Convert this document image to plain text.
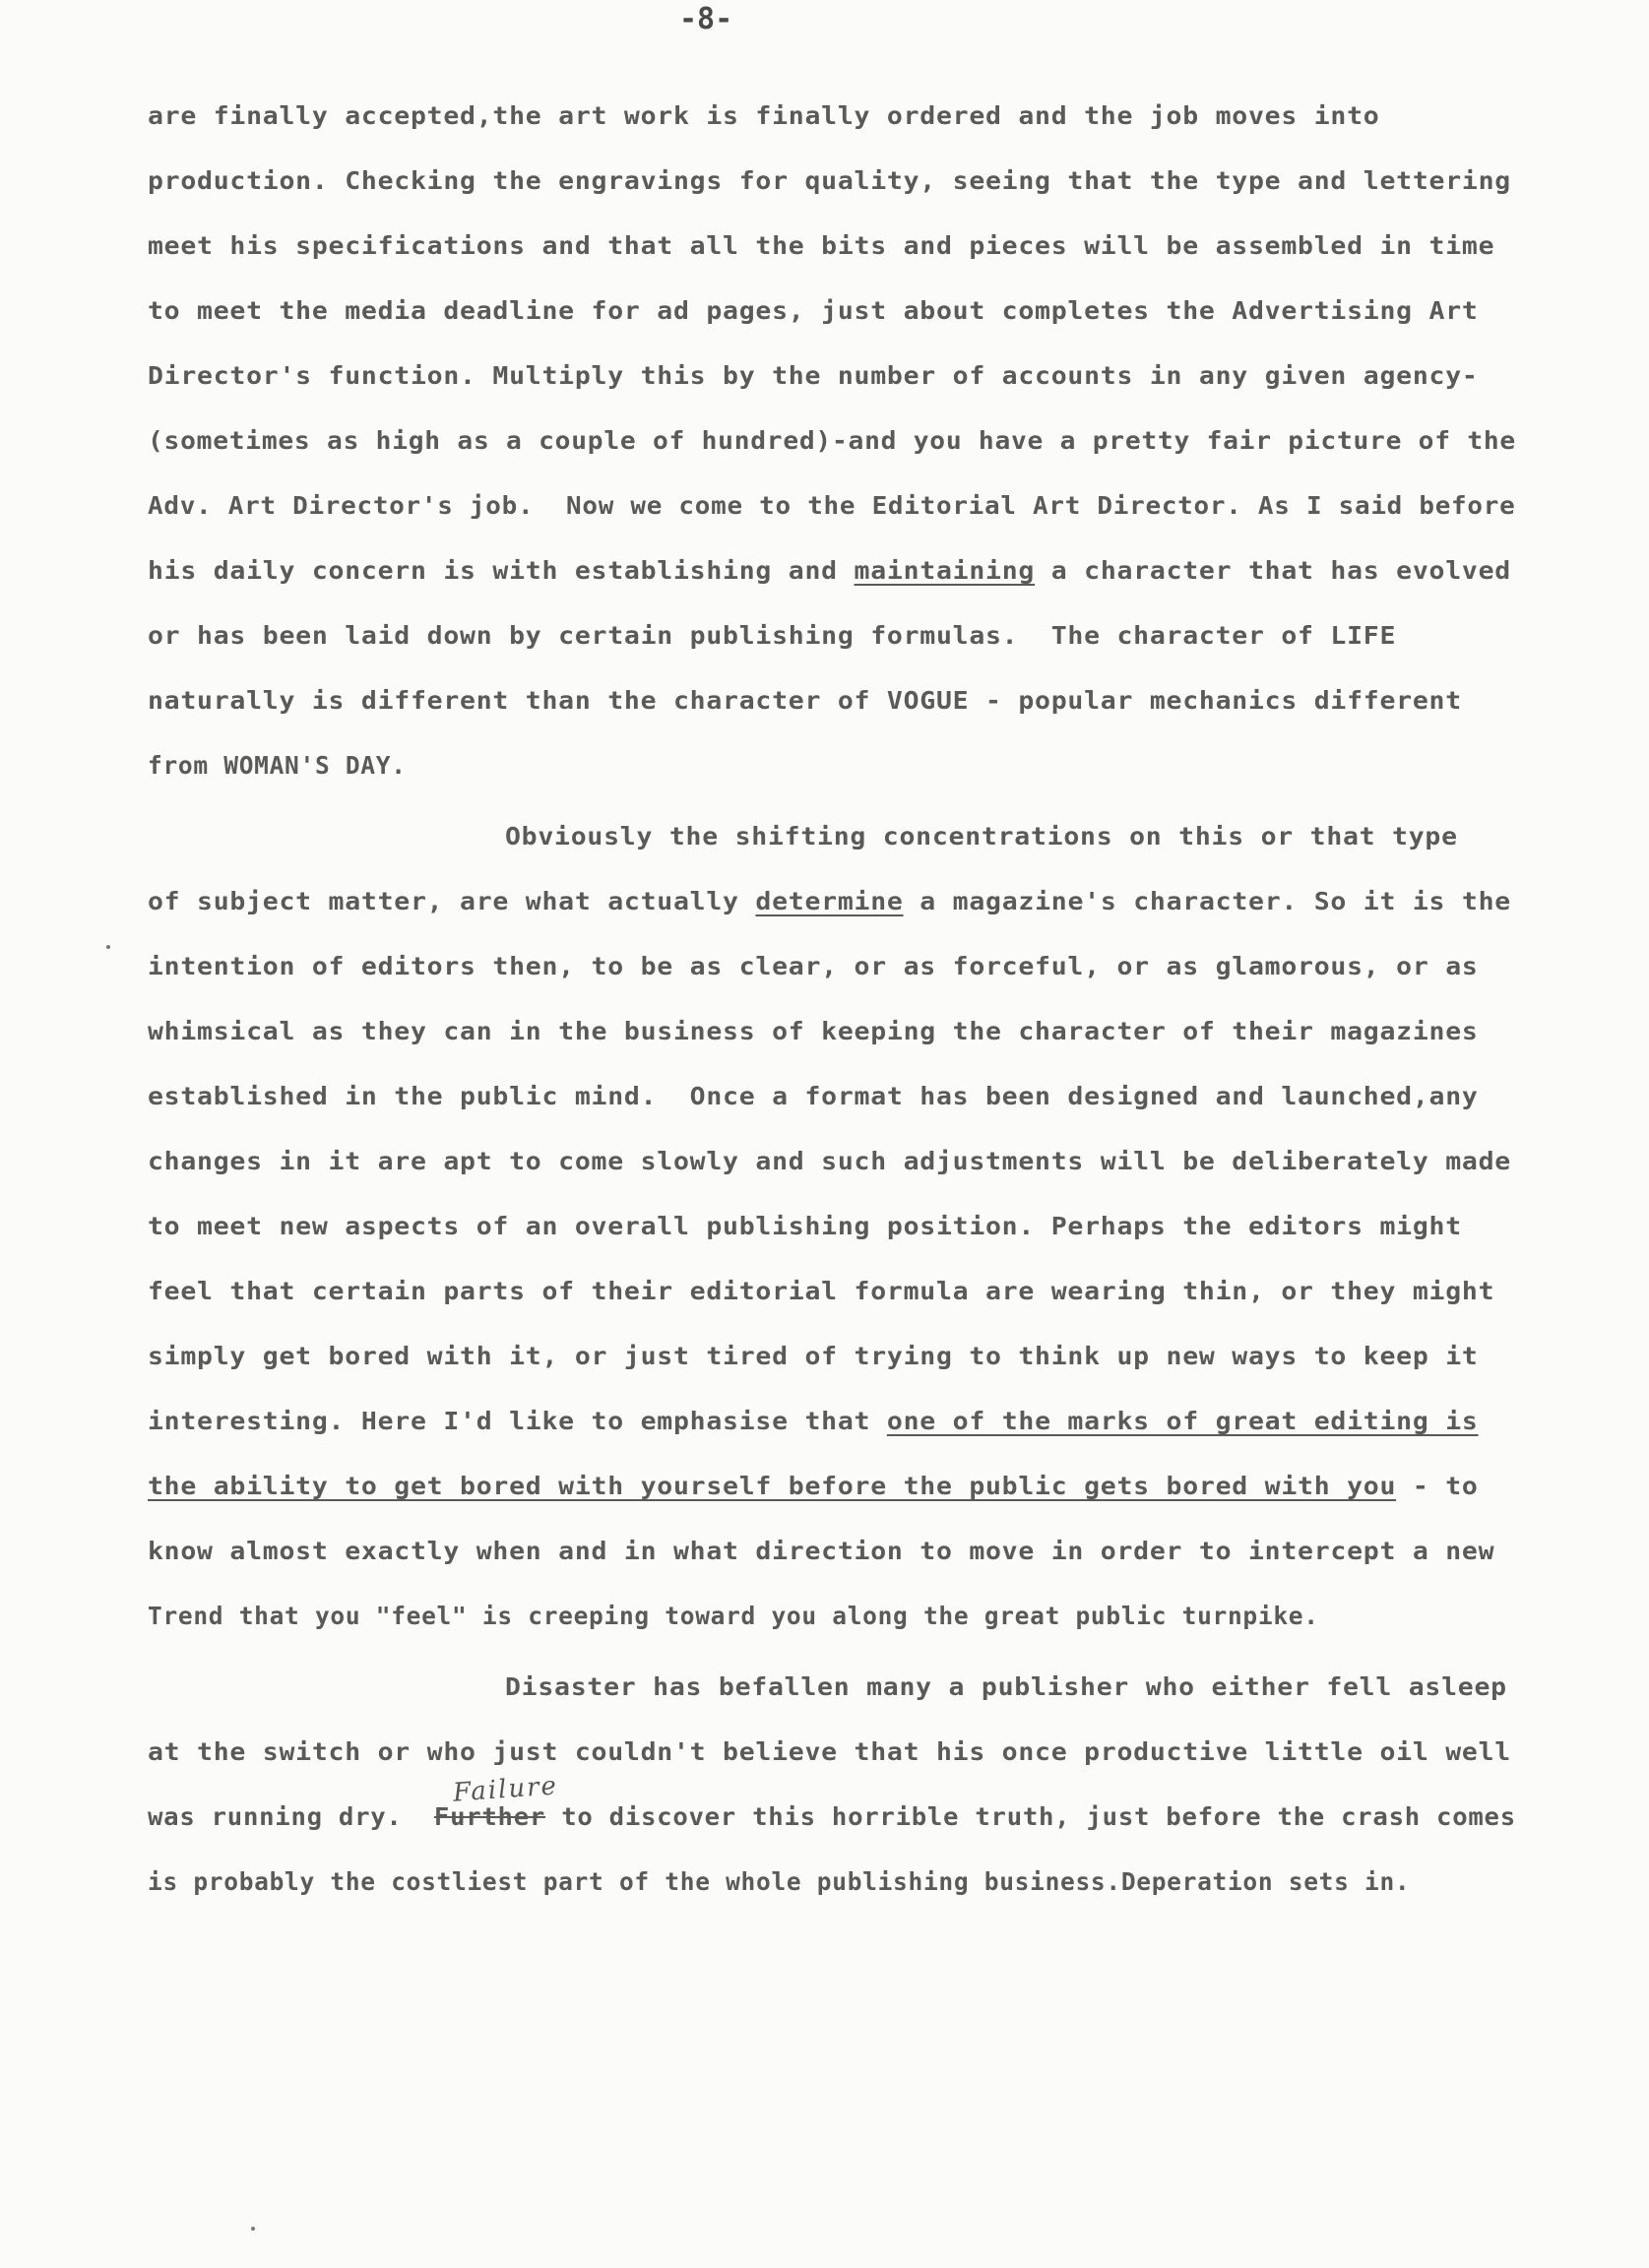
-8-
are finally accepted,the art work is finally ordered and the job moves into
production. Checking the engravings for quality, seeing that the type and lettering
meet his specifications and that all the bits and pieces will be assembled in time
to meet the media deadline for ad pages, just about completes the Advertising Art
Director's function. Multiply this by the number of accounts in any given agency-
(sometimes as high as a couple of hundred)-and you have a pretty fair picture of the
Adv. Art Director's job.  Now we come to the Editorial Art Director. As I said before
his daily concern is with establishing and maintaining a character that has evolved
or has been laid down by certain publishing formulas.  The character of LIFE
naturally is different than the character of VOGUE - popular mechanics different
from WOMAN'S DAY.
Obviously the shifting concentrations on this or that type
of subject matter, are what actually determine a magazine's character. So it is the
intention of editors then, to be as clear, or as forceful, or as glamorous, or as
whimsical as they can in the business of keeping the character of their magazines
established in the public mind.  Once a format has been designed and launched,any
changes in it are apt to come slowly and such adjustments will be deliberately made
to meet new aspects of an overall publishing position. Perhaps the editors might
feel that certain parts of their editorial formula are wearing thin, or they might
simply get bored with it, or just tired of trying to think up new ways to keep it
interesting. Here I'd like to emphasise that one of the marks of great editing is
the ability to get bored with yourself before the public gets bored with you - to
know almost exactly when and in what direction to move in order to intercept a new
Trend that you "feel" is creeping toward you along the great public turnpike.
Disaster has befallen many a publisher who either fell asleep
at the switch or who just couldn't believe that his once productive little oil well
was running dry.  Further to discover this horrible truth, just before the crash comes
is probably the costliest part of the whole publishing business.Deperation sets in.
Failure
